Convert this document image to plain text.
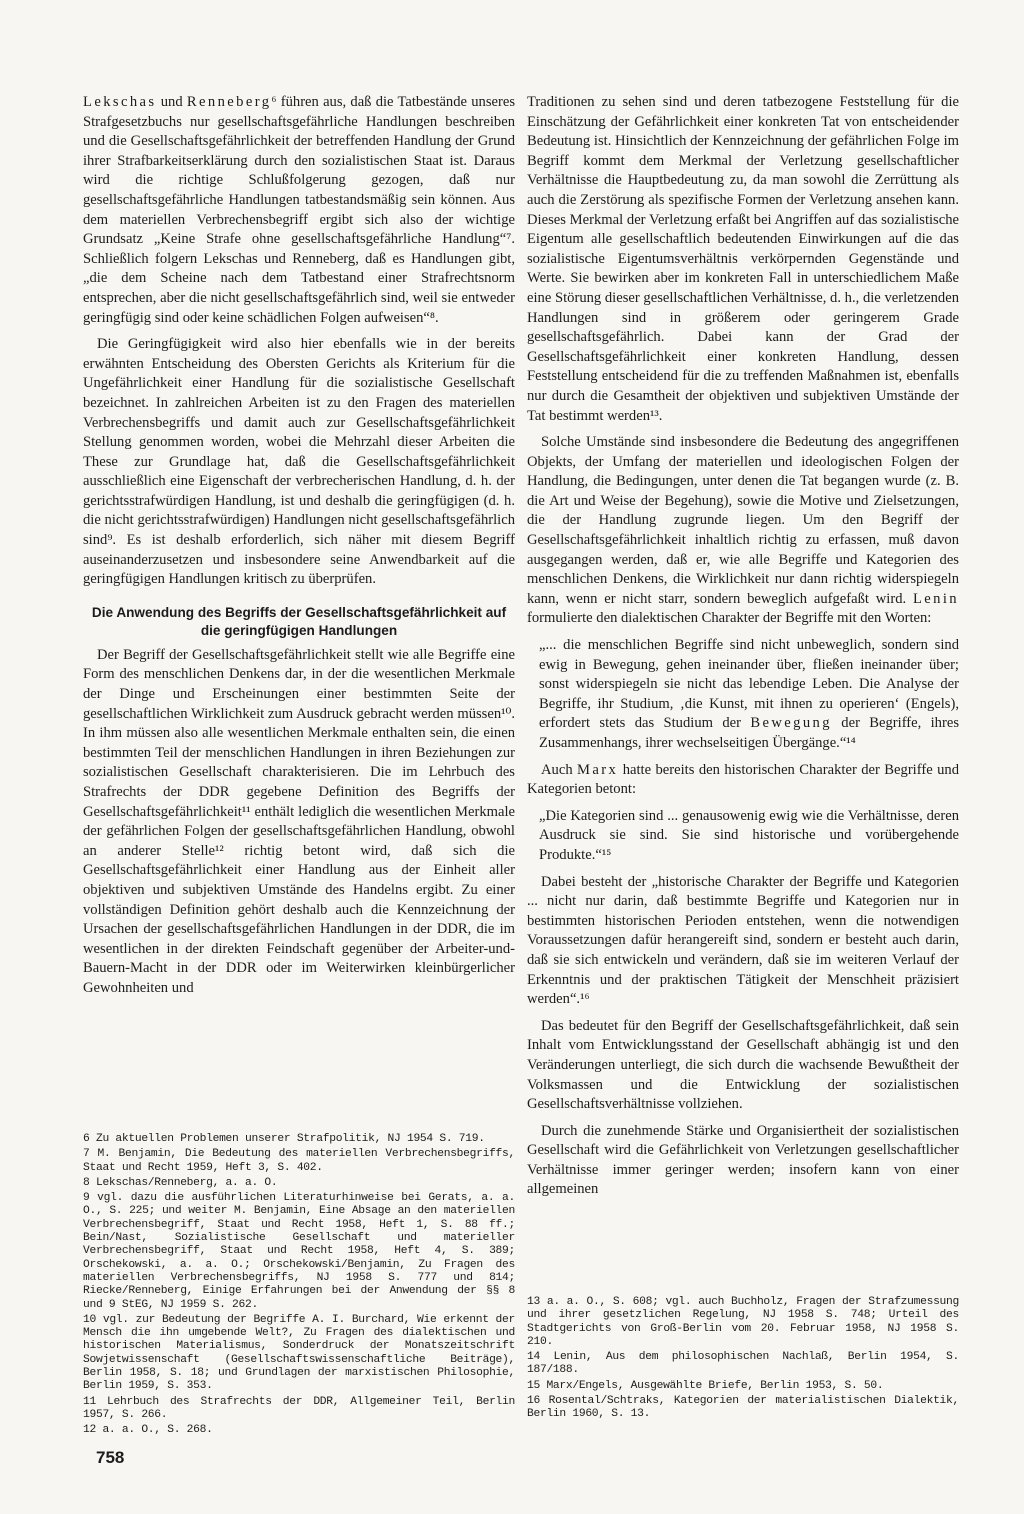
Lekschas und Renneberg⁶ führen aus, daß die Tatbestände unseres Strafgesetzbuchs nur gesellschaftsgefährliche Handlungen beschreiben und die Gesellschaftsgefährlichkeit der betreffenden Handlung der Grund ihrer Strafbarkeitserklärung durch den sozialistischen Staat ist. Daraus wird die richtige Schlußfolgerung gezogen, daß nur gesellschaftsgefährliche Handlungen tatbestandsmäßig sein können. Aus dem materiellen Verbrechensbegriff ergibt sich also der wichtige Grundsatz „Keine Strafe ohne gesellschaftsgefährliche Handlung“⁷. Schließlich folgern Lekschas und Renneberg, daß es Handlungen gibt, „die dem Scheine nach dem Tatbestand einer Strafrechtsnorm entsprechen, aber die nicht gesellschaftsgefährlich sind, weil sie entweder geringfügig sind oder keine schädlichen Folgen aufweisen“⁸.

Die Geringfügigkeit wird also hier ebenfalls wie in der bereits erwähnten Entscheidung des Obersten Gerichts als Kriterium für die Ungefährlichkeit einer Handlung für die sozialistische Gesellschaft bezeichnet. In zahlreichen Arbeiten ist zu den Fragen des materiellen Verbrechensbegriffs und damit auch zur Gesellschaftsgefährlichkeit Stellung genommen worden, wobei die Mehrzahl dieser Arbeiten die These zur Grundlage hat, daß die Gesellschaftsgefährlichkeit ausschließlich eine Eigenschaft der verbrecherischen Handlung, d. h. der gerichtsstrafwürdigen Handlung, ist und deshalb die geringfügigen (d. h. die nicht gerichtsstrafwürdigen) Handlungen nicht gesellschaftsgefährlich sind⁹. Es ist deshalb erforderlich, sich näher mit diesem Begriff auseinanderzusetzen und insbesondere seine Anwendbarkeit auf die geringfügigen Handlungen kritisch zu überprüfen.

Die Anwendung des Begriffs der Gesellschaftsgefährlichkeit auf die geringfügigen Handlungen

Der Begriff der Gesellschaftsgefährlichkeit stellt wie alle Begriffe eine Form des menschlichen Denkens dar, in der die wesentlichen Merkmale der Dinge und Erscheinungen einer bestimmten Seite der gesellschaftlichen Wirklichkeit zum Ausdruck gebracht werden müssen¹⁰. In ihm müssen also alle wesentlichen Merkmale enthalten sein, die einen bestimmten Teil der menschlichen Handlungen in ihren Beziehungen zur sozialistischen Gesellschaft charakterisieren. Die im Lehrbuch des Strafrechts der DDR gegebene Definition des Begriffs der Gesellschaftsgefährlichkeit¹¹ enthält lediglich die wesentlichen Merkmale der gefährlichen Folgen der gesellschaftsgefährlichen Handlung, obwohl an anderer Stelle¹² richtig betont wird, daß sich die Gesellschaftsgefährlichkeit einer Handlung aus der Einheit aller objektiven und subjektiven Umstände des Handelns ergibt. Zu einer vollständigen Definition gehört deshalb auch die Kennzeichnung der Ursachen der gesellschaftsgefährlichen Handlungen in der DDR, die im wesentlichen in der direkten Feindschaft gegenüber der Arbeiter-und-Bauern-Macht in der DDR oder im Weiterwirken kleinbürgerlicher Gewohnheiten und

Traditionen zu sehen sind und deren tatbezogene Feststellung für die Einschätzung der Gefährlichkeit einer konkreten Tat von entscheidender Bedeutung ist. Hinsichtlich der Kennzeichnung der gefährlichen Folge im Begriff kommt dem Merkmal der Verletzung gesellschaftlicher Verhältnisse die Hauptbedeutung zu, da man sowohl die Zerrüttung als auch die Zerstörung als spezifische Formen der Verletzung ansehen kann. Dieses Merkmal der Verletzung erfaßt bei Angriffen auf das sozialistische Eigentum alle gesellschaftlich bedeutenden Einwirkungen auf die das sozialistische Eigentumsverhältnis verkörpernden Gegenstände und Werte. Sie bewirken aber im konkreten Fall in unterschiedlichem Maße eine Störung dieser gesellschaftlichen Verhältnisse, d. h., die verletzenden Handlungen sind in größerem oder geringerem Grade gesellschaftsgefährlich. Dabei kann der Grad der Gesellschaftsgefährlichkeit einer konkreten Handlung, dessen Feststellung entscheidend für die zu treffenden Maßnahmen ist, ebenfalls nur durch die Gesamtheit der objektiven und subjektiven Umstände der Tat bestimmt werden¹³.

Solche Umstände sind insbesondere die Bedeutung des angegriffenen Objekts, der Umfang der materiellen und ideologischen Folgen der Handlung, die Bedingungen, unter denen die Tat begangen wurde (z. B. die Art und Weise der Begehung), sowie die Motive und Zielsetzungen, die der Handlung zugrunde liegen. Um den Begriff der Gesellschaftsgefährlichkeit inhaltlich richtig zu erfassen, muß davon ausgegangen werden, daß er, wie alle Begriffe und Kategorien des menschlichen Denkens, die Wirklichkeit nur dann richtig widerspiegeln kann, wenn er nicht starr, sondern beweglich aufgefaßt wird. Lenin formulierte den dialektischen Charakter der Begriffe mit den Worten:

„... die menschlichen Begriffe sind nicht unbeweglich, sondern sind ewig in Bewegung, gehen ineinander über, fließen ineinander über; sonst widerspiegeln sie nicht das lebendige Leben. Die Analyse der Begriffe, ihr Studium, ‚die Kunst, mit ihnen zu operieren‘ (Engels), erfordert stets das Studium der Bewegung der Begriffe, ihres Zusammenhangs, ihrer wechselseitigen Übergänge.“¹⁴

Auch Marx hatte bereits den historischen Charakter der Begriffe und Kategorien betont:

„Die Kategorien sind ... genausowenig ewig wie die Verhältnisse, deren Ausdruck sie sind. Sie sind historische und vorübergehende Produkte.“¹⁵

Dabei besteht der „historische Charakter der Begriffe und Kategorien ... nicht nur darin, daß bestimmte Begriffe und Kategorien nur in bestimmten historischen Perioden entstehen, wenn die notwendigen Voraussetzungen dafür herangereift sind, sondern er besteht auch darin, daß sie sich entwickeln und verändern, daß sie im weiteren Verlauf der Erkenntnis und der praktischen Tätigkeit der Menschheit präzisiert werden“.¹⁶

Das bedeutet für den Begriff der Gesellschaftsgefährlichkeit, daß sein Inhalt vom Entwicklungsstand der Gesellschaft abhängig ist und den Veränderungen unterliegt, die sich durch die wachsende Bewußtheit der Volksmassen und die Entwicklung der sozialistischen Gesellschaftsverhältnisse vollziehen.

Durch die zunehmende Stärke und Organisiertheit der sozialistischen Gesellschaft wird die Gefährlichkeit von Verletzungen gesellschaftlicher Verhältnisse immer geringer werden; insofern kann von einer allgemeinen

6 Zu aktuellen Problemen unserer Strafpolitik, NJ 1954 S. 719.

7 M. Benjamin, Die Bedeutung des materiellen Verbrechensbegriffs, Staat und Recht 1959, Heft 3, S. 402.

8 Lekschas/Renneberg, a. a. O.

9 vgl. dazu die ausführlichen Literaturhinweise bei Gerats, a. a. O., S. 225; und weiter M. Benjamin, Eine Absage an den materiellen Verbrechensbegriff, Staat und Recht 1958, Heft 1, S. 88 ff.; Bein/Nast, Sozialistische Gesellschaft und materieller Verbrechensbegriff, Staat und Recht 1958, Heft 4, S. 389; Orschekowski, a. a. O.; Orschekowski/Benjamin, Zu Fragen des materiellen Verbrechensbegriffs, NJ 1958 S. 777 und 814; Riecke/Renneberg, Einige Erfahrungen bei der Anwendung der §§ 8 und 9 StEG, NJ 1959 S. 262.

10 vgl. zur Bedeutung der Begriffe A. I. Burchard, Wie erkennt der Mensch die ihn umgebende Welt?, Zu Fragen des dialektischen und historischen Materialismus, Sonderdruck der Monatszeitschrift Sowjetwissenschaft (Gesellschaftswissenschaftliche Beiträge), Berlin 1958, S. 18; und Grundlagen der marxistischen Philosophie, Berlin 1959, S. 353.

11 Lehrbuch des Strafrechts der DDR, Allgemeiner Teil, Berlin 1957, S. 266.

12 a. a. O., S. 268.

13 a. a. O., S. 608; vgl. auch Buchholz, Fragen der Strafzumessung und ihrer gesetzlichen Regelung, NJ 1958 S. 748; Urteil des Stadtgerichts von Groß-Berlin vom 20. Februar 1958, NJ 1958 S. 210.

14 Lenin, Aus dem philosophischen Nachlaß, Berlin 1954, S. 187/188.

15 Marx/Engels, Ausgewählte Briefe, Berlin 1953, S. 50.

16 Rosental/Schtraks, Kategorien der materialistischen Dialektik, Berlin 1960, S. 13.

758
